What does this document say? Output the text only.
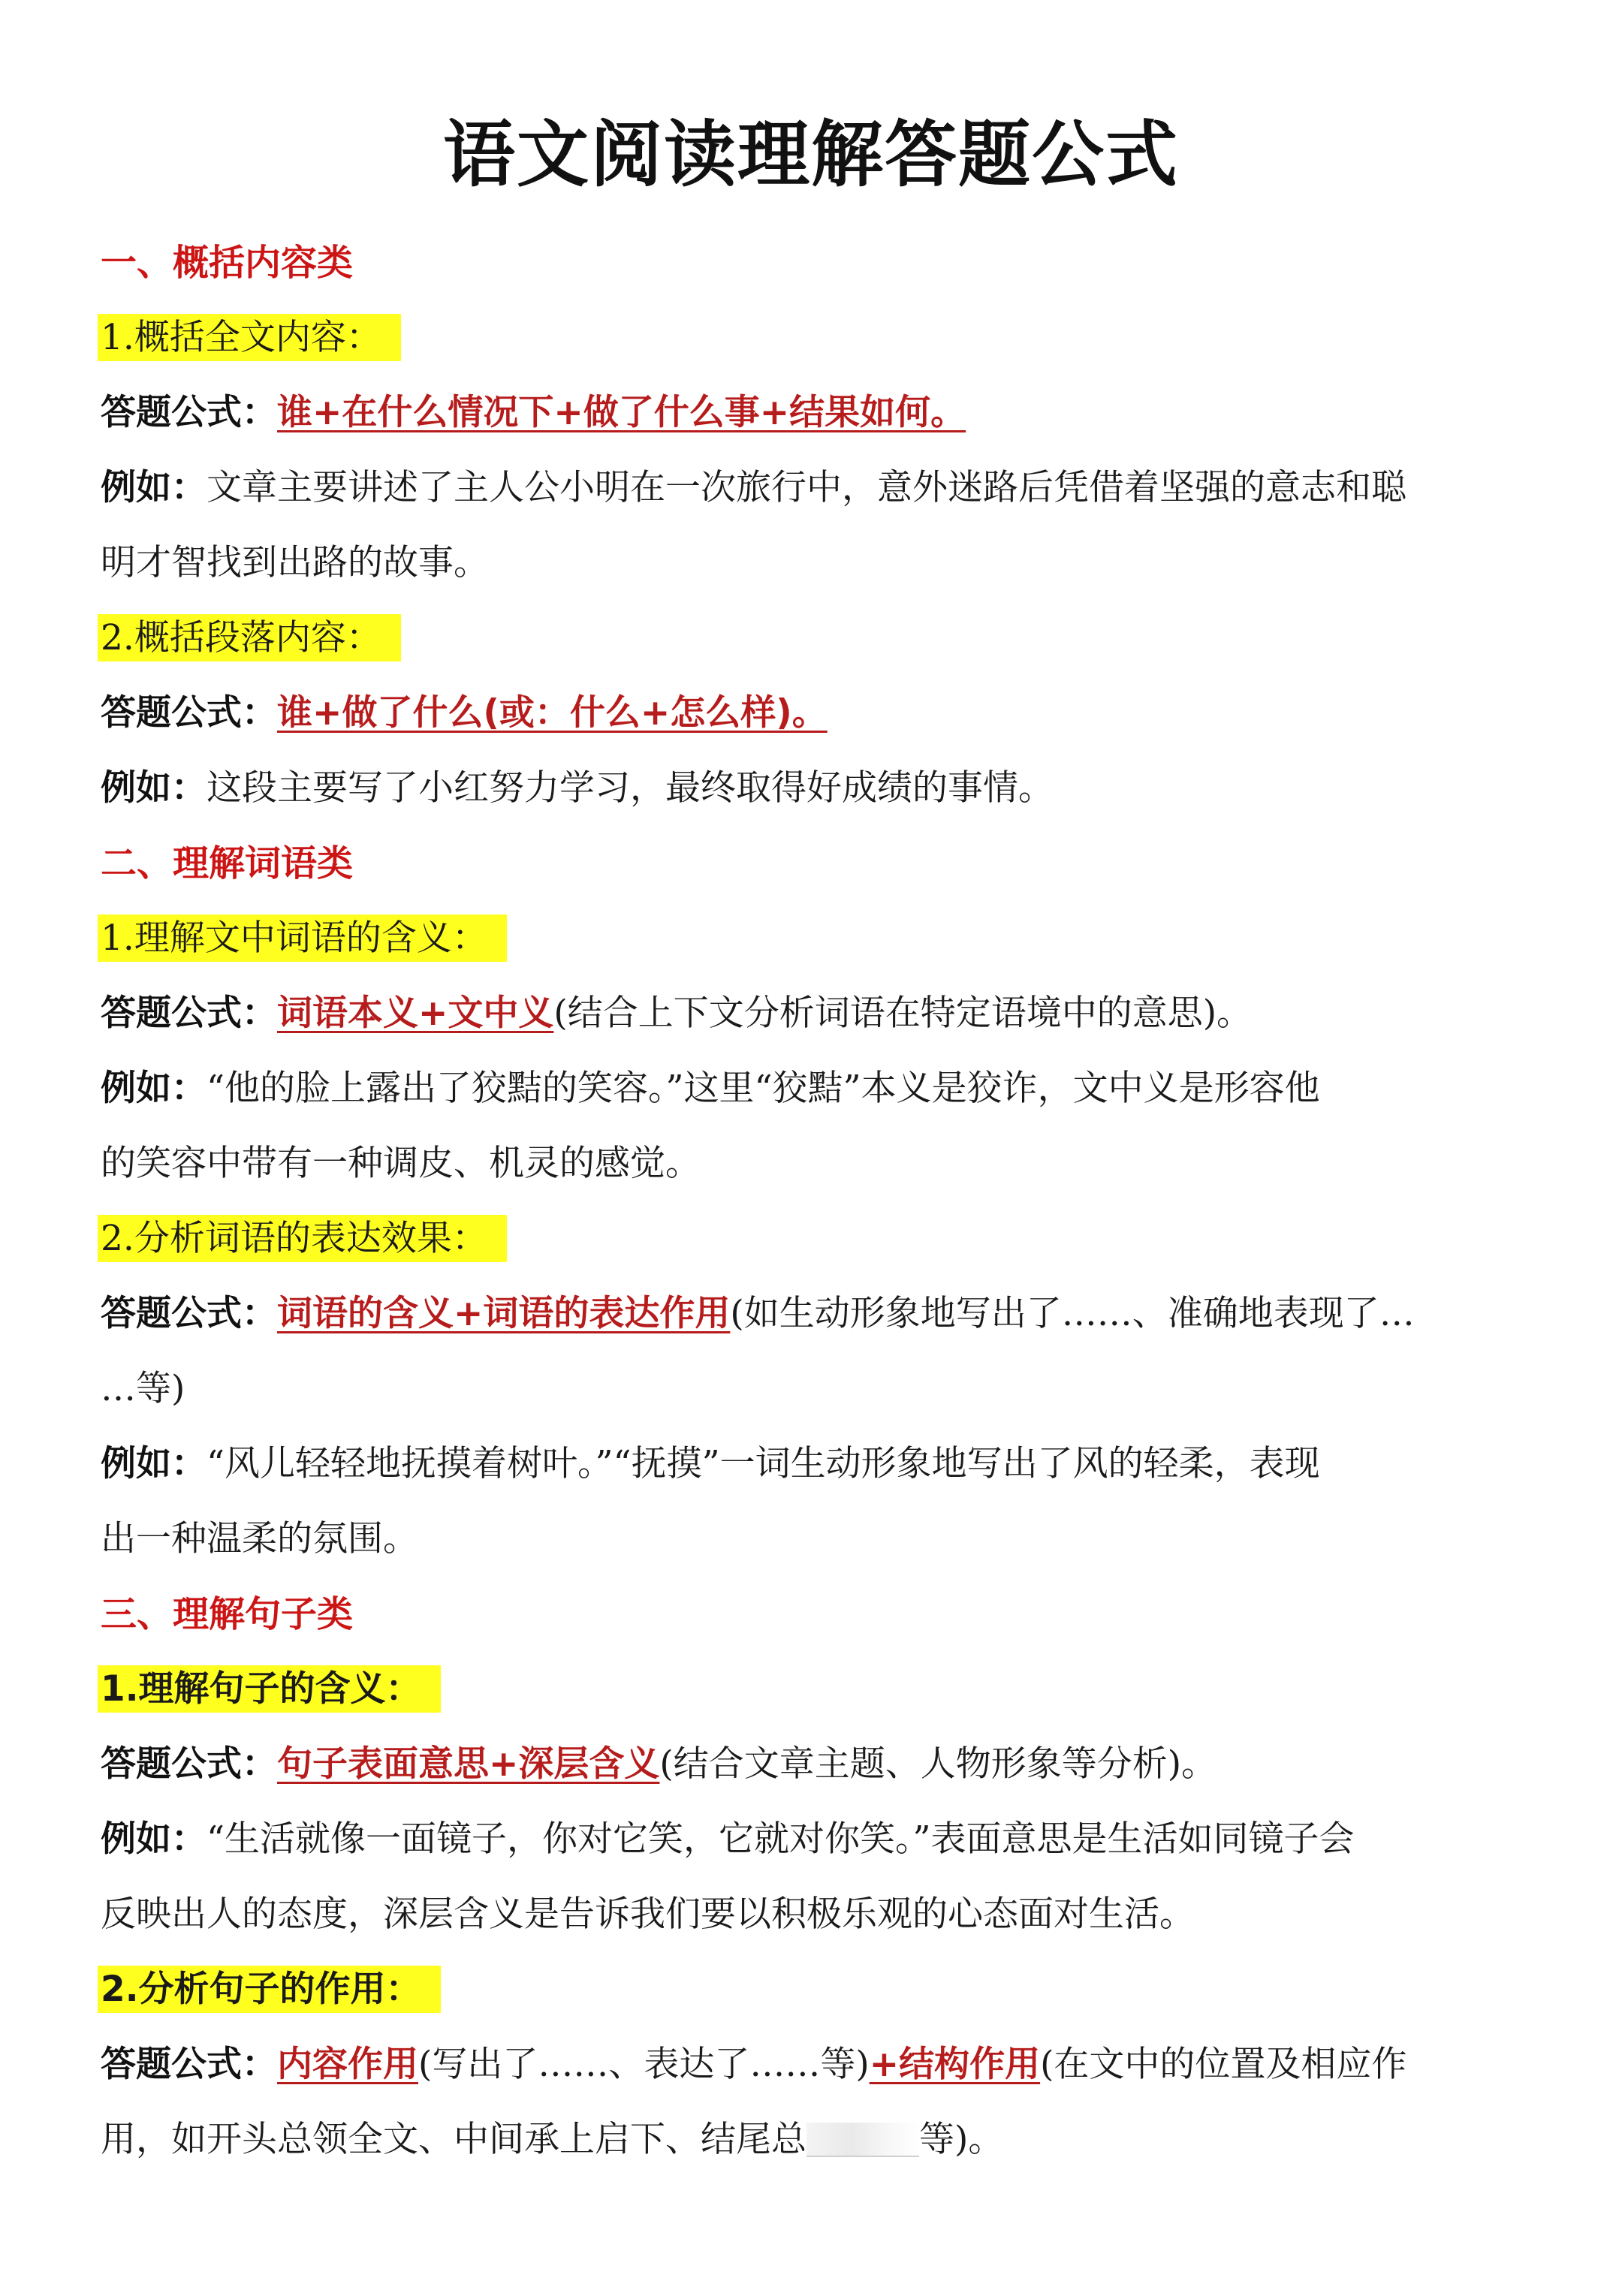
语文阅读理解答题公式
一、概括内容类
1.概括全文内容：
答题公式：谁+在什么情况下+做了什么事+结果如何。
例如：文章主要讲述了主人公小明在一次旅行中，意外迷路后凭借着坚强的意志和聪
明才智找到出路的故事。
2.概括段落内容：
答题公式：谁+做了什么(或：什么+怎么样)。
例如：这段主要写了小红努力学习，最终取得好成绩的事情。
二、理解词语类
1.理解文中词语的含义：
答题公式：词语本义+文中义(结合上下文分析词语在特定语境中的意思)。
例如：“他的脸上露出了狡黠的笑容。”这里“狡黠”本义是狡诈，文中义是形容他
的笑容中带有一种调皮、机灵的感觉。
2.分析词语的表达效果：
答题公式：词语的含义+词语的表达作用(如生动形象地写出了……、准确地表现了…
…等)
例如：“风儿轻轻地抚摸着树叶。”“抚摸”一词生动形象地写出了风的轻柔，表现
出一种温柔的氛围。
三、理解句子类
1.理解句子的含义：
答题公式：句子表面意思+深层含义(结合文章主题、人物形象等分析)。
例如：“生活就像一面镜子，你对它笑，它就对你笑。”表面意思是生活如同镜子会
反映出人的态度，深层含义是告诉我们要以积极乐观的心态面对生活。
2.分析句子的作用：
答题公式：内容作用(写出了……、表达了……等)+结构作用(在文中的位置及相应作
用，如开头总领全文、中间承上启下、结尾总	等)。
